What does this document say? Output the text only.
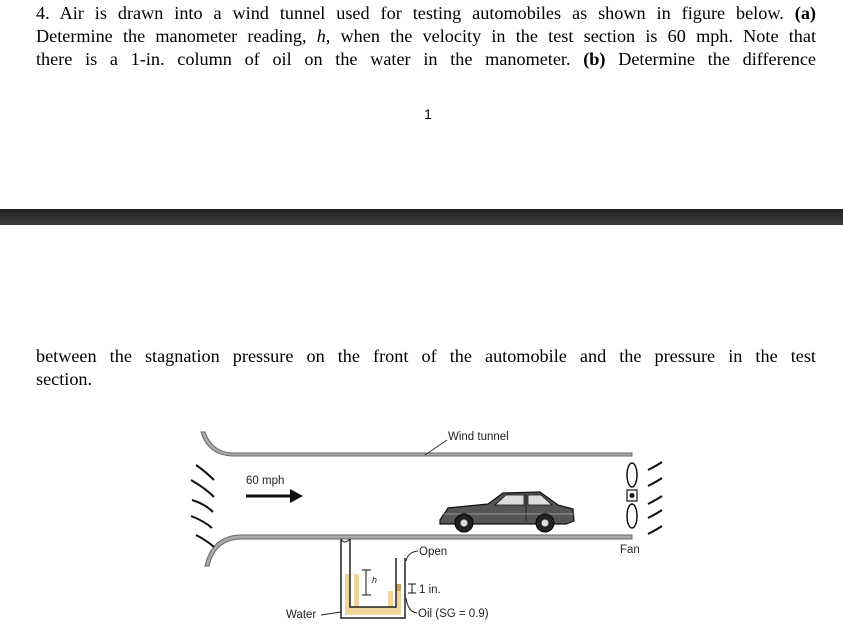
4. Air is drawn into a wind tunnel used for testing automobiles as shown in figure below. (a)
Determine the manometer reading, h, when the velocity in the test section is 60 mph. Note that
there is a 1-in. column of oil on the water in the manometer. (b) Determine the difference

1

between the stagnation pressure on the front of the automobile and the pressure in the test
section.

60 mph
Wind tunnel
Fan
h
1 in.
Open
Oil (SG = 0.9)
Water
